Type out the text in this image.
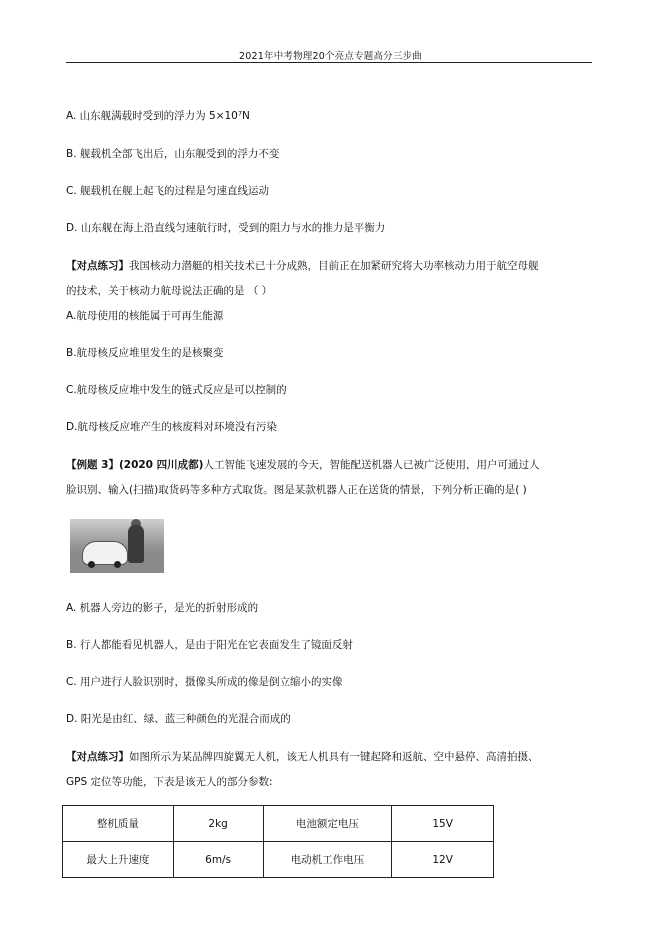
2021年中考物理20个亮点专题高分三步曲
A. 山东舰满载时受到的浮力为 5×10⁷N
B. 舰载机全部飞出后，山东舰受到的浮力不变
C. 舰载机在舰上起飞的过程是匀速直线运动
D. 山东舰在海上沿直线匀速航行时，受到的阻力与水的推力是平衡力
【对点练习】我国核动力潜艇的相关技术已十分成熟，目前正在加紧研究将大功率核动力用于航空母舰
的技术，关于核动力航母说法正确的是 （ ）
A.航母使用的核能属于可再生能源
B.航母核反应堆里发生的是核聚变
C.航母核反应堆中发生的链式反应是可以控制的
D.航母核反应堆产生的核废料对环境没有污染
【例题 3】(2020 四川成都)人工智能飞速发展的今天，智能配送机器人已被广泛使用，用户可通过人
脸识别、输入(扫描)取货码等多种方式取货。图是某款机器人正在送货的情景，下列分析正确的是( )
A. 机器人旁边的影子，是光的折射形成的
B. 行人都能看见机器人，是由于阳光在它表面发生了镜面反射
C. 用户进行人脸识别时，摄像头所成的像是倒立缩小的实像
D. 阳光是由红、绿、蓝三种颜色的光混合而成的
【对点练习】如图所示为某品牌四旋翼无人机，该无人机具有一键起降和返航、空中悬停、高清拍摄、
GPS 定位等功能，下表是该无人的部分参数:
整机质量	2kg	电池额定电压	15V
最大上升速度	6m/s	电动机工作电压	12V
